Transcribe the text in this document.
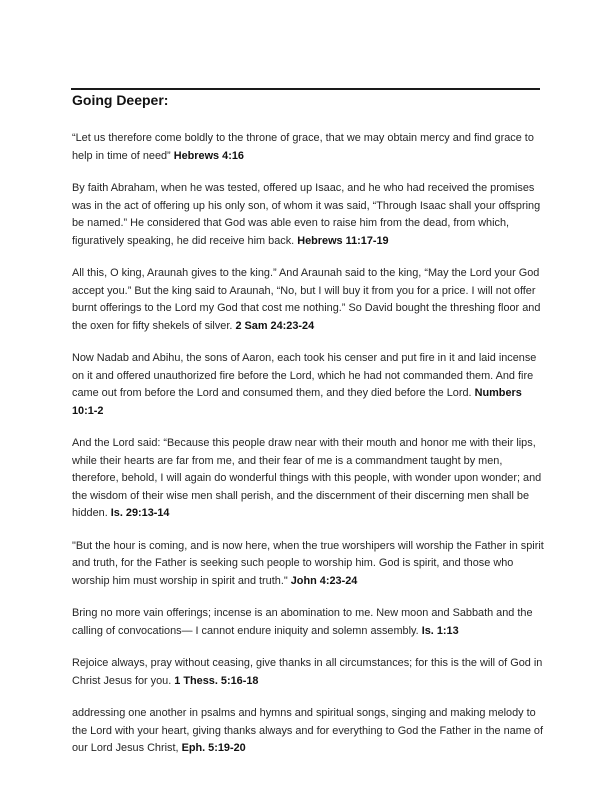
Going Deeper:

“Let us therefore come boldly to the throne of grace, that we may obtain mercy and find grace to help in time of need” Hebrews 4:16

By faith Abraham, when he was tested, offered up Isaac, and he who had received the promises was in the act of offering up his only son, of whom it was said, “Through Isaac shall your offspring be named.” He considered that God was able even to raise him from the dead, from which, figuratively speaking, he did receive him back. Hebrews 11:17-19

All this, O king, Araunah gives to the king.” And Araunah said to the king, “May the Lord your God accept you.” But the king said to Araunah, “No, but I will buy it from you for a price. I will not offer burnt offerings to the Lord my God that cost me nothing.” So David bought the threshing floor and the oxen for fifty shekels of silver. 2 Sam 24:23-24

Now Nadab and Abihu, the sons of Aaron, each took his censer and put fire in it and laid incense on it and offered unauthorized fire before the Lord, which he had not commanded them. And fire came out from before the Lord and consumed them, and they died before the Lord. Numbers 10:1-2

And the Lord said: “Because this people draw near with their mouth and honor me with their lips, while their hearts are far from me, and their fear of me is a commandment taught by men, therefore, behold, I will again do wonderful things with this people, with wonder upon wonder; and the wisdom of their wise men shall perish, and the discernment of their discerning men shall be hidden. Is. 29:13-14

"But the hour is coming, and is now here, when the true worshipers will worship the Father in spirit and truth, for the Father is seeking such people to worship him. God is spirit, and those who worship him must worship in spirit and truth." John 4:23-24

Bring no more vain offerings; incense is an abomination to me. New moon and Sabbath and the calling of convocations— I cannot endure iniquity and solemn assembly. Is. 1:13

Rejoice always, pray without ceasing, give thanks in all circumstances; for this is the will of God in Christ Jesus for you. 1 Thess. 5:16-18

addressing one another in psalms and hymns and spiritual songs, singing and making melody to the Lord with your heart, giving thanks always and for everything to God the Father in the name of our Lord Jesus Christ, Eph. 5:19-20
